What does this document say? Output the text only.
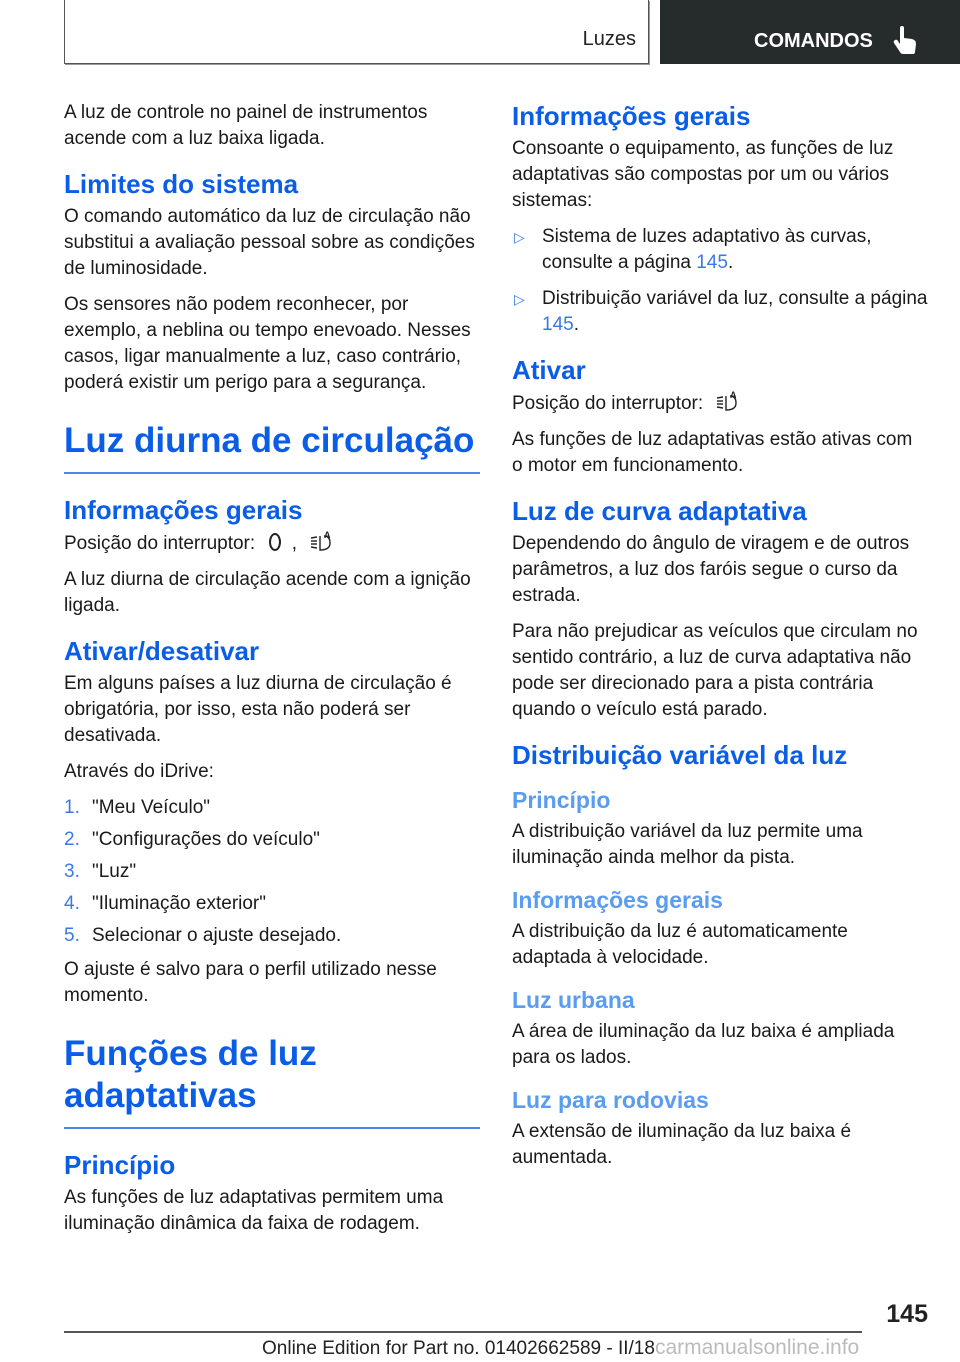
Luzes	COMANDOS

A luz de controle no painel de instrumentos acende com a luz baixa ligada.

Limites do sistema

O comando automático da luz de circulação não substitui a avaliação pessoal sobre as condições de luminosidade.

Os sensores não podem reconhecer, por exemplo, a neblina ou tempo enevoado. Nesses casos, ligar manualmente a luz, caso contrário, poderá existir um perigo para a segurança.

Luz diurna de circulação
Informações gerais

Posição do interruptor: ,	A

A luz diurna de circulação acende com a ignição ligada.

Ativar/desativar

Em alguns países a luz diurna de circulação é obrigatória, por isso, esta não poderá ser desativada.

Através do iDrive:

1. "Meu Veículo"
2. "Configurações do veículo"
3. "Luz"
4. "Iluminação exterior"
5. Selecionar o ajuste desejado.

O ajuste é salvo para o perfil utilizado nesse momento.

Funções de luz adaptativas
Princípio

As funções de luz adaptativas permitem uma iluminação dinâmica da faixa de rodagem.

Informações gerais

Consoante o equipamento, as funções de luz adaptativas são compostas por um ou vários sistemas:

▷ Sistema de luzes adaptativo às curvas, consulte a página 145.
▷ Distribuição variável da luz, consulte a página 145.
Ativar

Posição do interruptor:	A

As funções de luz adaptativas estão ativas com o motor em funcionamento.

Luz de curva adaptativa

Dependendo do ângulo de viragem e de outros parâmetros, a luz dos faróis segue o curso da estrada.

Para não prejudicar as veículos que circulam no sentido contrário, a luz de curva adaptativa não pode ser direcionado para a pista contrária quando o veículo está parado.

Distribuição variável da luz
Princípio

A distribuição variável da luz permite uma iluminação ainda melhor da pista.

Informações gerais

A distribuição da luz é automaticamente adaptada à velocidade.

Luz urbana

A área de iluminação da luz baixa é ampliada para os lados.

Luz para rodovias

A extensão de iluminação da luz baixa é aumentada.

145
Online Edition for Part no. 01402662589 - II/18carmanualsonline.info
